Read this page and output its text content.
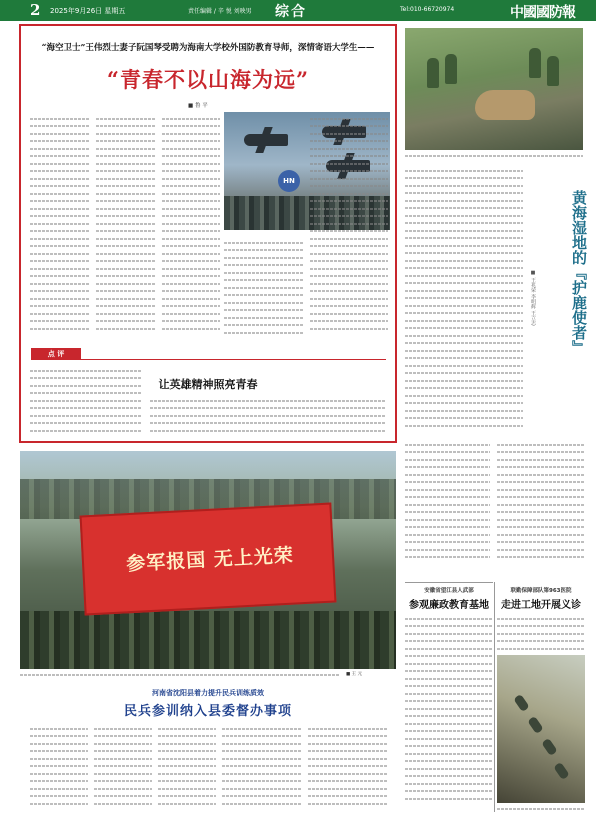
2 2025年9月26日 星期五	责任编辑 / 辛 悦 刘映男 综合	Tel:010-66720974	中國國防報
“海空卫士”王伟烈士妻子阮国琴受聘为海南大学校外国防教育导师，深情寄语大学生——
“青春不以山海为远”
■ 鲁 平
HN
点 评
让英雄精神照亮青春
■ 王兆荣 李明辉 王立志	黄海湿地的『护鹿使者』
参军报国 无上光荣
■ 王 元
河南省沈阳县着力提升民兵训练质效
民兵参训纳入县委督办事项
安徽省望江县人武部
参观廉政教育基地
联勤保障部队第963医院
走进工地开展义诊
